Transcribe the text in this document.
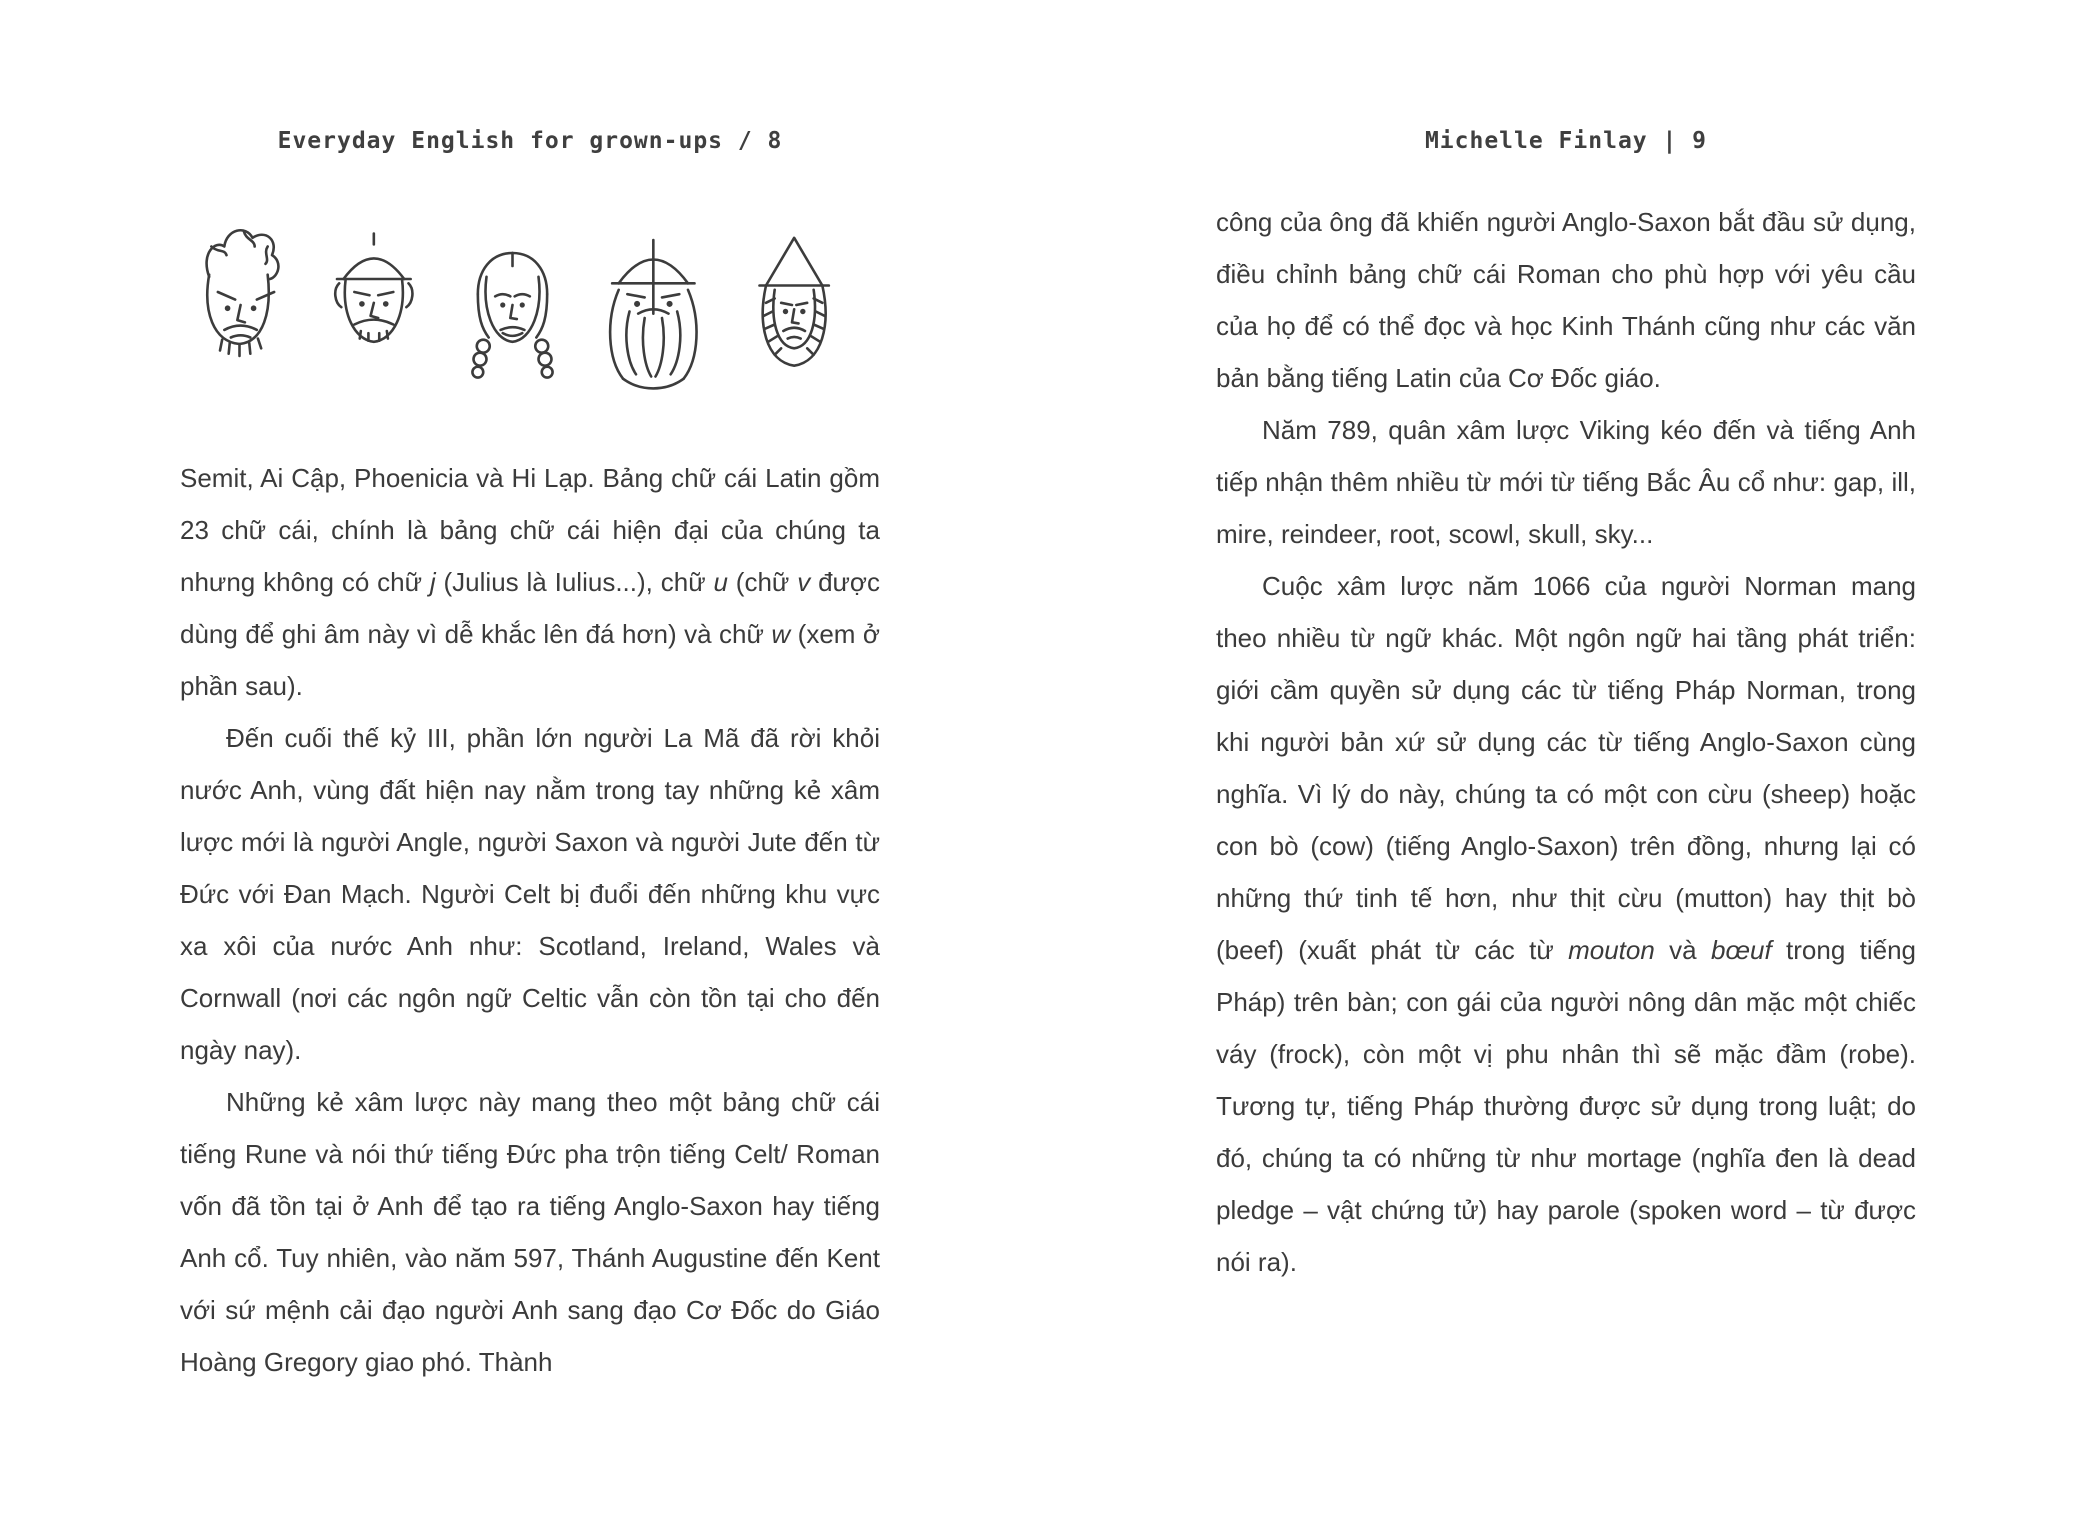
Everyday English for grown-ups / 8	Michelle Finlay | 9

Semit, Ai Cập, Phoenicia và Hi Lạp. Bảng chữ cái Latin gồm 23 chữ cái, chính là bảng chữ cái hiện đại của chúng ta nhưng không có chữ j (Julius là Iulius...), chữ u (chữ v được dùng để ghi âm này vì dễ khắc lên đá hơn) và chữ w (xem ở phần sau).

Đến cuối thế kỷ III, phần lớn người La Mã đã rời khỏi nước Anh, vùng đất hiện nay nằm trong tay những kẻ xâm lược mới là người Angle, người Saxon và người Jute đến từ Đức với Đan Mạch. Người Celt bị đuổi đến những khu vực xa xôi của nước Anh như: Scotland, Ireland, Wales và Cornwall (nơi các ngôn ngữ Celtic vẫn còn tồn tại cho đến ngày nay).

Những kẻ xâm lược này mang theo một bảng chữ cái tiếng Rune và nói thứ tiếng Đức pha trộn tiếng Celt/ Roman vốn đã tồn tại ở Anh để tạo ra tiếng Anglo-Saxon hay tiếng Anh cổ. Tuy nhiên, vào năm 597, Thánh Augustine đến Kent với sứ mệnh cải đạo người Anh sang đạo Cơ Đốc do Giáo Hoàng Gregory giao phó. Thành

công của ông đã khiến người Anglo-Saxon bắt đầu sử dụng, điều chỉnh bảng chữ cái Roman cho phù hợp với yêu cầu của họ để có thể đọc và học Kinh Thánh cũng như các văn bản bằng tiếng Latin của Cơ Đốc giáo.

Năm 789, quân xâm lược Viking kéo đến và tiếng Anh tiếp nhận thêm nhiều từ mới từ tiếng Bắc Âu cổ như: gap, ill, mire, reindeer, root, scowl, skull, sky...

Cuộc xâm lược năm 1066 của người Norman mang theo nhiều từ ngữ khác. Một ngôn ngữ hai tầng phát triển: giới cầm quyền sử dụng các từ tiếng Pháp Norman, trong khi người bản xứ sử dụng các từ tiếng Anglo-Saxon cùng nghĩa. Vì lý do này, chúng ta có một con cừu (sheep) hoặc con bò (cow) (tiếng Anglo-Saxon) trên đồng, nhưng lại có những thứ tinh tế hơn, như thịt cừu (mutton) hay thịt bò (beef) (xuất phát từ các từ mouton và bœuf trong tiếng Pháp) trên bàn; con gái của người nông dân mặc một chiếc váy (frock), còn một vị phu nhân thì sẽ mặc đầm (robe). Tương tự, tiếng Pháp thường được sử dụng trong luật; do đó, chúng ta có những từ như mortage (nghĩa đen là dead pledge – vật chứng tử) hay parole (spoken word – từ được nói ra).
